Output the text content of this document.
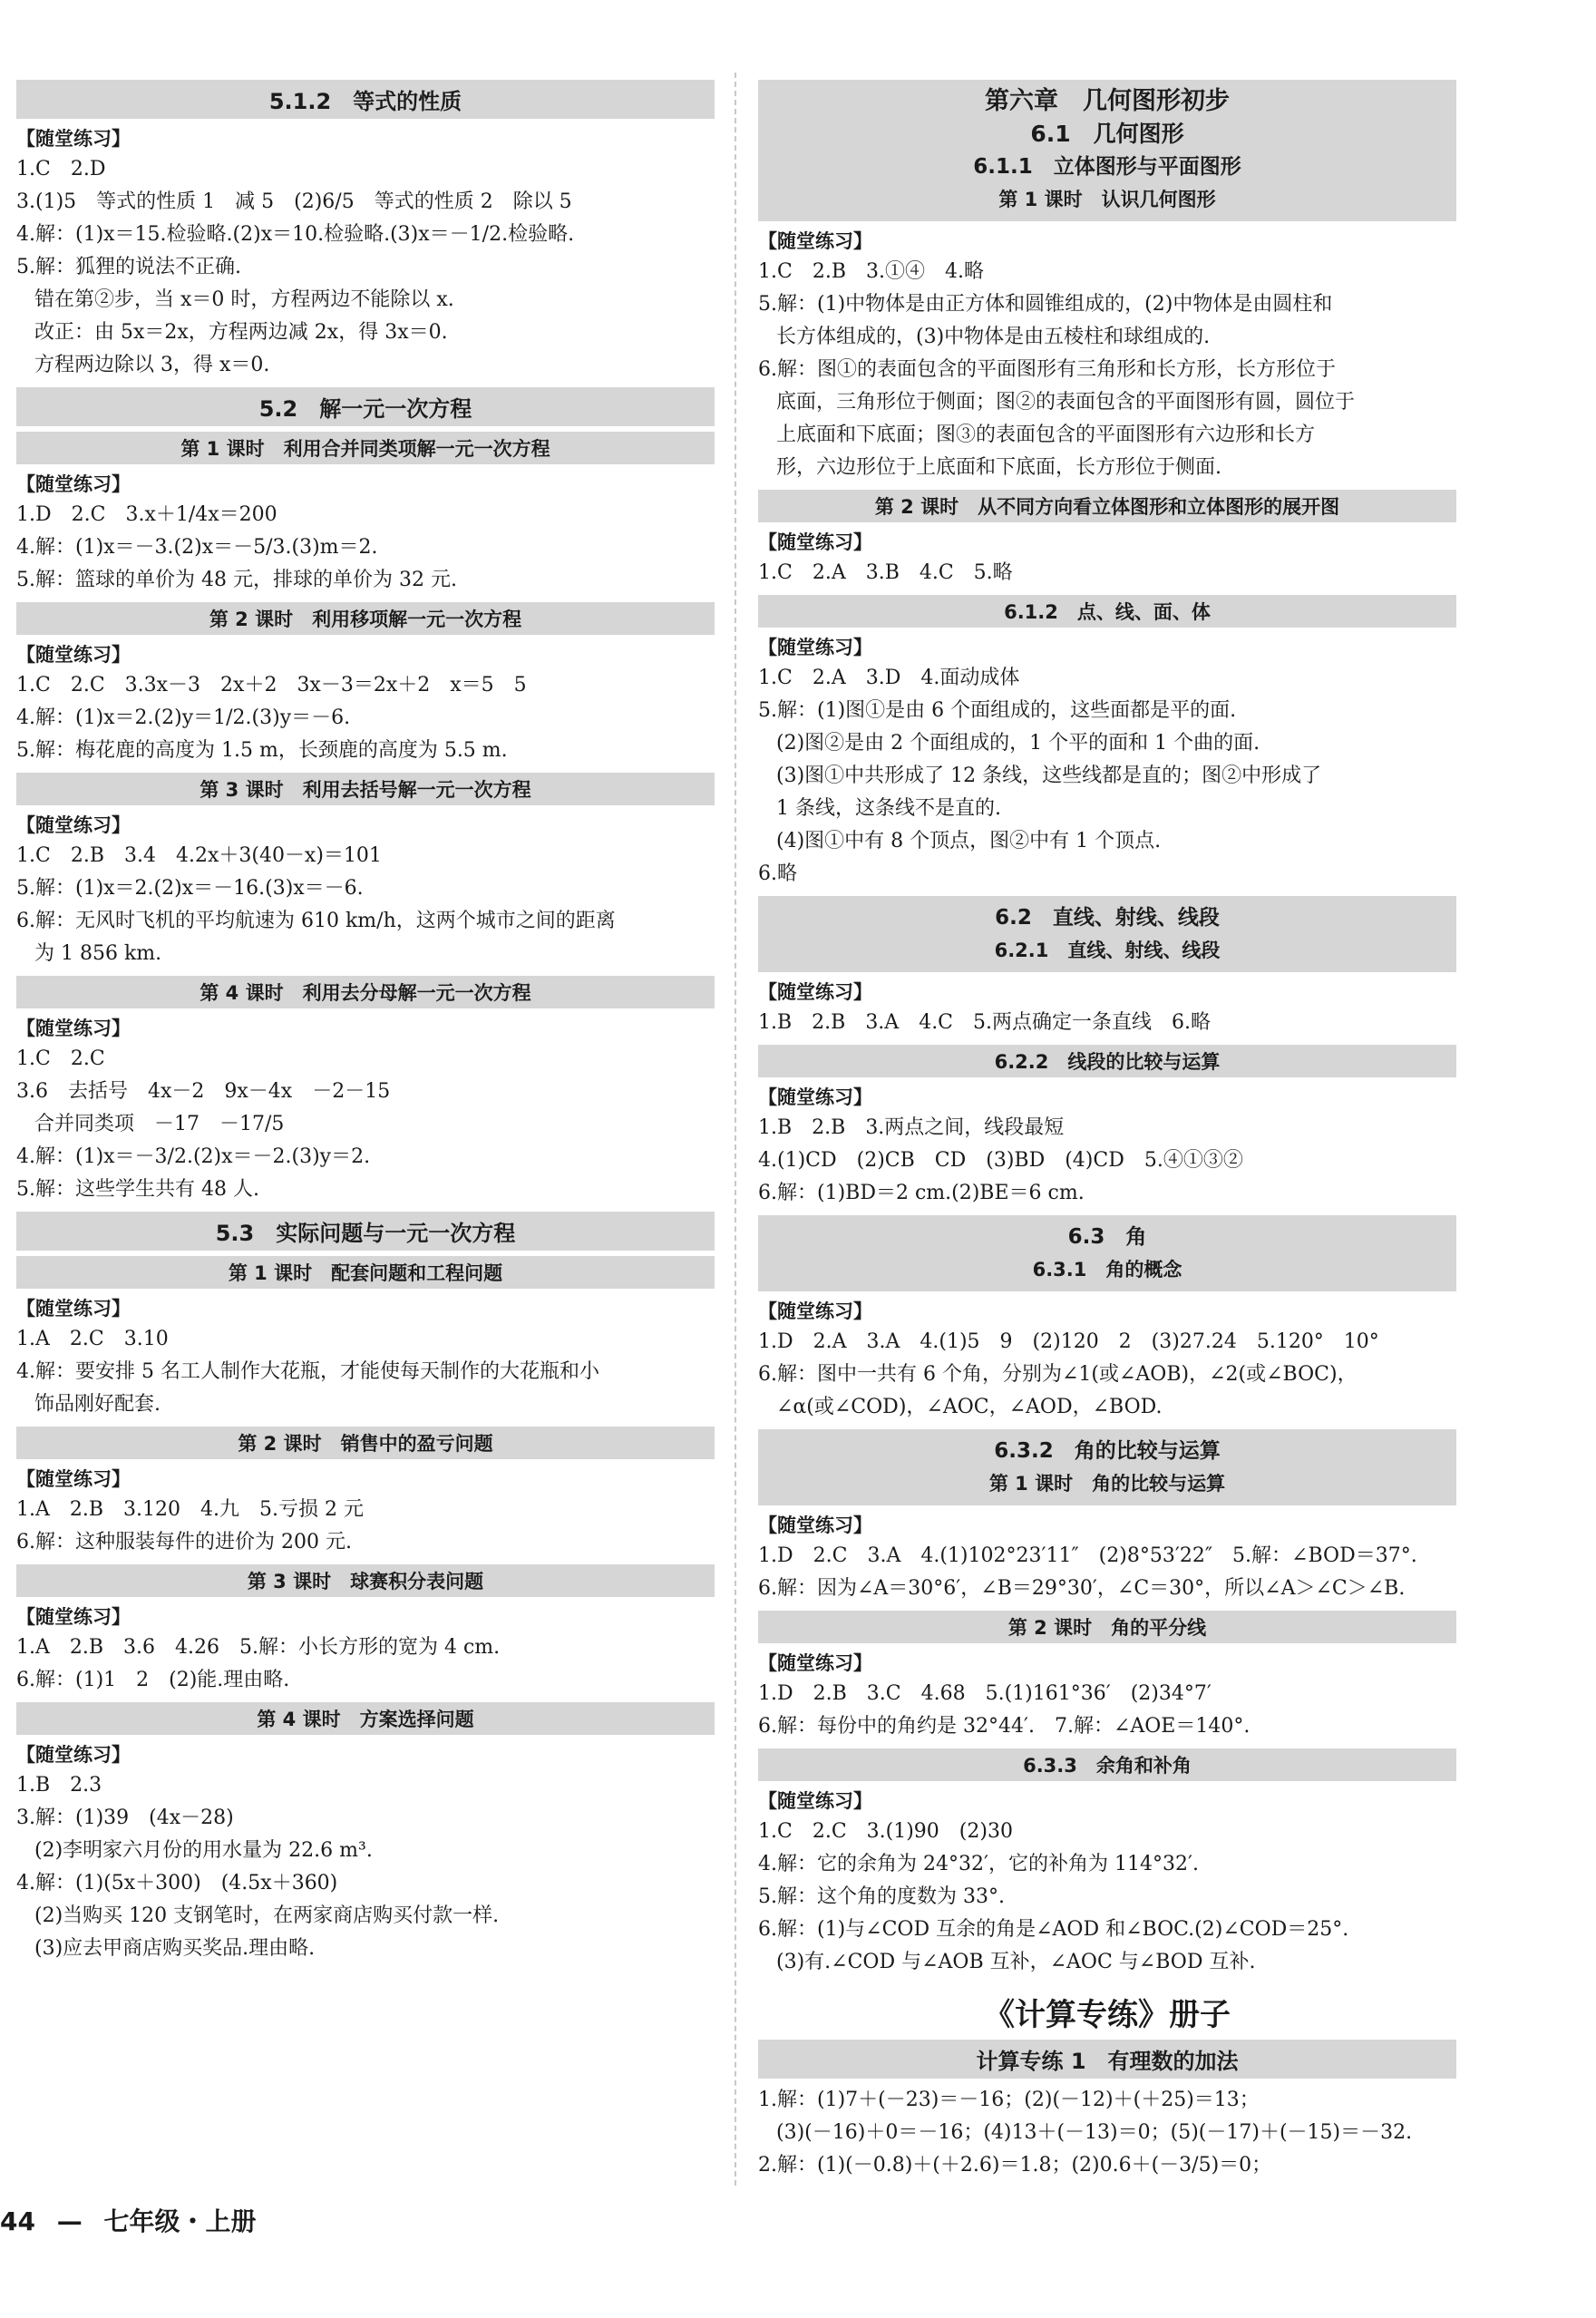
5.1.2　等式的性质
【随堂练习】
1.C　2.D
3.(1)5　等式的性质 1　减 5　(2)6/5　等式的性质 2　除以 5
4.解：(1)x＝15.检验略.(2)x＝10.检验略.(3)x＝－1/2.检验略.
5.解：狐狸的说法不正确.
错在第②步，当 x＝0 时，方程两边不能除以 x.
改正：由 5x＝2x，方程两边减 2x，得 3x＝0.
方程两边除以 3，得 x＝0.
5.2　解一元一次方程
第 1 课时　利用合并同类项解一元一次方程
【随堂练习】
1.D　2.C　3.x＋1/4x＝200
4.解：(1)x＝－3.(2)x＝－5/3.(3)m＝2.
5.解：篮球的单价为 48 元，排球的单价为 32 元.
第 2 课时　利用移项解一元一次方程
【随堂练习】
1.C　2.C　3.3x－3　2x＋2　3x－3＝2x＋2　x＝5　5
4.解：(1)x＝2.(2)y＝1/2.(3)y＝－6.
5.解：梅花鹿的高度为 1.5 m，长颈鹿的高度为 5.5 m.
第 3 课时　利用去括号解一元一次方程
【随堂练习】
1.C　2.B　3.4　4.2x＋3(40－x)＝101
5.解：(1)x＝2.(2)x＝－16.(3)x＝－6.
6.解：无风时飞机的平均航速为 610 km/h，这两个城市之间的距离
为 1 856 km.
第 4 课时　利用去分母解一元一次方程
【随堂练习】
1.C　2.C
3.6　去括号　4x－2　9x－4x　－2－15
合并同类项　－17　－17/5
4.解：(1)x＝－3/2.(2)x＝－2.(3)y＝2.
5.解：这些学生共有 48 人.
5.3　实际问题与一元一次方程
第 1 课时　配套问题和工程问题
【随堂练习】
1.A　2.C　3.10
4.解：要安排 5 名工人制作大花瓶，才能使每天制作的大花瓶和小
饰品刚好配套.
第 2 课时　销售中的盈亏问题
【随堂练习】
1.A　2.B　3.120　4.九　5.亏损 2 元
6.解：这种服装每件的进价为 200 元.
第 3 课时　球赛积分表问题
【随堂练习】
1.A　2.B　3.6　4.26　5.解：小长方形的宽为 4 cm.
6.解：(1)1　2　(2)能.理由略.
第 4 课时　方案选择问题
【随堂练习】
1.B　2.3
3.解：(1)39　(4x－28)
(2)李明家六月份的用水量为 22.6 m³.
4.解：(1)(5x＋300)　(4.5x＋360)
(2)当购买 120 支钢笔时，在两家商店购买付款一样.
(3)应去甲商店购买奖品.理由略.
第六章　几何图形初步
6.1　几何图形
6.1.1　立体图形与平面图形
第 1 课时　认识几何图形
【随堂练习】
1.C　2.B　3.①④　4.略
5.解：(1)中物体是由正方体和圆锥组成的，(2)中物体是由圆柱和
长方体组成的，(3)中物体是由五棱柱和球组成的.
6.解：图①的表面包含的平面图形有三角形和长方形，长方形位于
底面，三角形位于侧面；图②的表面包含的平面图形有圆，圆位于
上底面和下底面；图③的表面包含的平面图形有六边形和长方
形，六边形位于上底面和下底面，长方形位于侧面.
第 2 课时　从不同方向看立体图形和立体图形的展开图
【随堂练习】
1.C　2.A　3.B　4.C　5.略
6.1.2　点、线、面、体
【随堂练习】
1.C　2.A　3.D　4.面动成体
5.解：(1)图①是由 6 个面组成的，这些面都是平的面.
(2)图②是由 2 个面组成的，1 个平的面和 1 个曲的面.
(3)图①中共形成了 12 条线，这些线都是直的；图②中形成了
1 条线，这条线不是直的.
(4)图①中有 8 个顶点，图②中有 1 个顶点.
6.略
6.2　直线、射线、线段
6.2.1　直线、射线、线段
【随堂练习】
1.B　2.B　3.A　4.C　5.两点确定一条直线　6.略
6.2.2　线段的比较与运算
【随堂练习】
1.B　2.B　3.两点之间，线段最短
4.(1)CD　(2)CB　CD　(3)BD　(4)CD　5.④①③②
6.解：(1)BD＝2 cm.(2)BE＝6 cm.
6.3　角
6.3.1　角的概念
【随堂练习】
1.D　2.A　3.A　4.(1)5　9　(2)120　2　(3)27.24　5.120°　10°
6.解：图中一共有 6 个角，分别为∠1(或∠AOB)，∠2(或∠BOC)，
∠α(或∠COD)，∠AOC，∠AOD，∠BOD.
6.3.2　角的比较与运算
第 1 课时　角的比较与运算
【随堂练习】
1.D　2.C　3.A　4.(1)102°23′11″　(2)8°53′22″　5.解：∠BOD＝37°.
6.解：因为∠A＝30°6′，∠B＝29°30′，∠C＝30°，所以∠A＞∠C＞∠B.
第 2 课时　角的平分线
【随堂练习】
1.D　2.B　3.C　4.68　5.(1)161°36′　(2)34°7′
6.解：每份中的角约是 32°44′.　7.解：∠AOE＝140°.
6.3.3　余角和补角
【随堂练习】
1.C　2.C　3.(1)90　(2)30
4.解：它的余角为 24°32′，它的补角为 114°32′.
5.解：这个角的度数为 33°.
6.解：(1)与∠COD 互余的角是∠AOD 和∠BOC.(2)∠COD＝25°.
(3)有.∠COD 与∠AOB 互补，∠AOC 与∠BOD 互补.
《计算专练》册子
计算专练 1　有理数的加法
1.解：(1)7＋(－23)＝－16；(2)(－12)＋(＋25)＝13；
(3)(－16)＋0＝－16；(4)13＋(－13)＝0；(5)(－17)＋(－15)＝－32.
2.解：(1)(－0.8)＋(＋2.6)＝1.8；(2)0.6＋(－3/5)＝0；
44 — 七年级・上册
